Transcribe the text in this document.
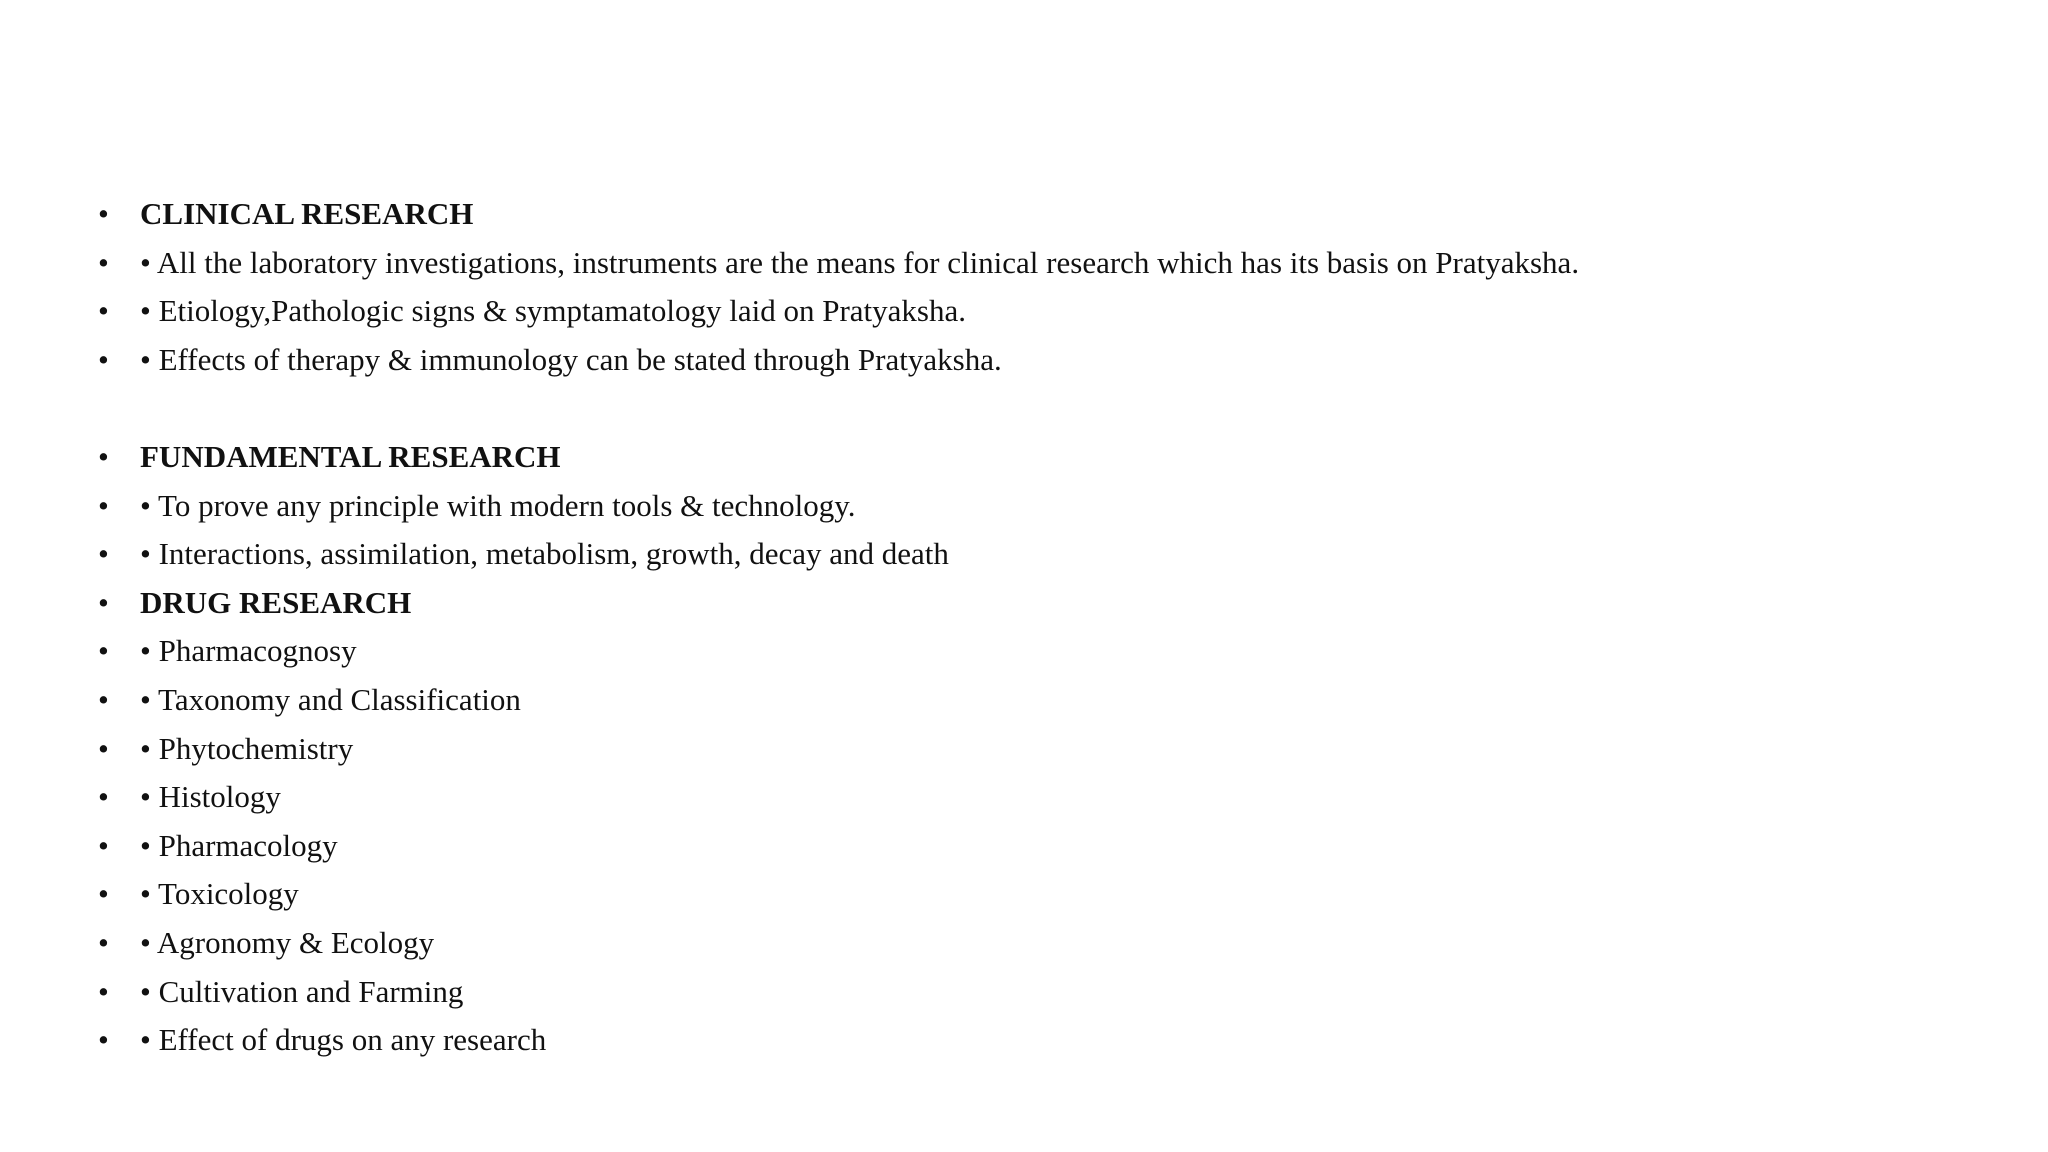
•	CLINICAL RESEARCH
•	• All the laboratory investigations, instruments are the means for clinical research which has its basis on Pratyaksha.
•	• Etiology,Pathologic signs & symptamatology laid on Pratyaksha.
•	• Effects of therapy & immunology can be stated through Pratyaksha.
•	FUNDAMENTAL RESEARCH
•	• To prove any principle with modern tools & technology.
•	• Interactions, assimilation, metabolism, growth, decay and death
•	DRUG RESEARCH
•	• Pharmacognosy
•	• Taxonomy and Classification
•	• Phytochemistry
•	• Histology
•	• Pharmacology
•	• Toxicology
•	• Agronomy & Ecology
•	• Cultivation and Farming
•	• Effect of drugs on any research
